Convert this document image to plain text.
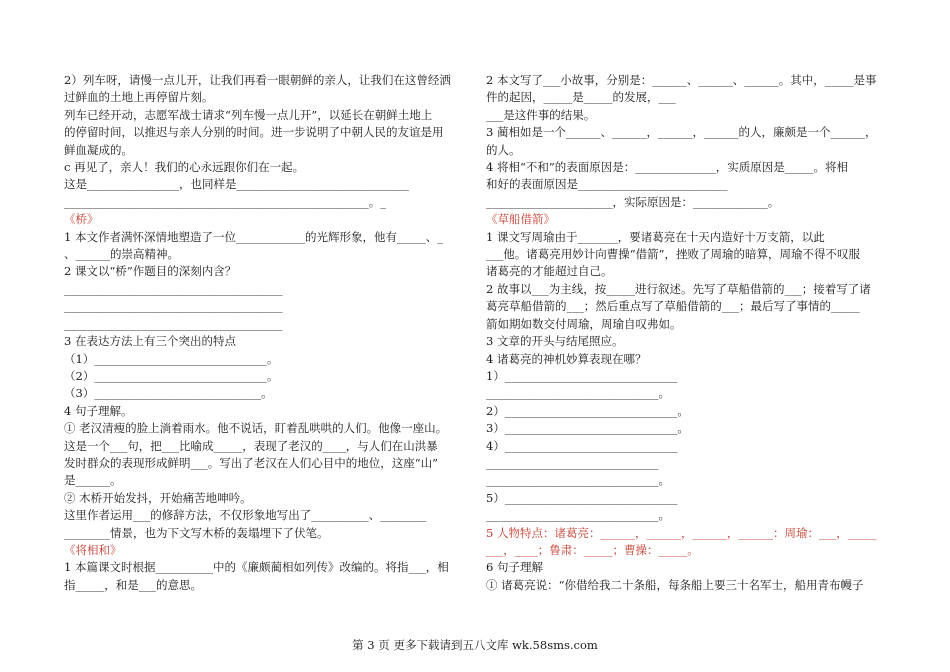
2）列车呀，请慢一点儿开，让我们再看一眼朝鲜的亲人，让我们在这曾经洒
过鲜血的土地上再停留片刻。
列车已经开动，志愿军战士请求“列车慢一点儿开”，以延长在朝鲜土地上
的停留时间，以推迟与亲人分别的时间。进一步说明了中朝人民的友谊是用
鲜血凝成的。
c 再见了，亲人！我们的心永远跟你们在一起。
这是________________，也同样是______________________________
_____________________________________________________。_
《桥》
1 本文作者满怀深情地塑造了一位____________的光辉形象，他有_____、_
、______的崇高精神。
2 课文以“桥”作题目的深刻内含？
______________________________________
______________________________________
______________________________________
3 在表达方法上有三个突出的特点
（1）______________________________。
（2）______________________________。
（3）_____________________________。
4 句子理解。
① 老汉清瘦的脸上淌着雨水。他不说话，盯着乱哄哄的人们。他像一座山。
这是一个___句，把___比喻成_____，表现了老汉的____，与人们在山洪暴
发时群众的表现形成鲜明___。写出了老汉在人们心目中的地位，这座“山”
是______。
② 木桥开始发抖，开始痛苦地呻吟。
这里作者运用___的修辞方法，不仅形象地写出了__________、________
________情景，也为下文写木桥的轰塌埋下了伏笔。
《将相和》
1 本篇课文时根据__________中的《廉颇蔺相如列传》改编的。将指___，相
指_____，和是___的意思。
2 本文写了___小故事，分别是：______、______、______。其中，_____是事
件的起因，_____是_____的发展，___
___是这件事的结果。
3 蔺相如是一个______、______，______，______的人，廉颇是一个______，
的人。
4 将相“不和”的表面原因是：______________，实质原因是_____。将相
和好的表面原因是__________________________
______________________，实际原因是：_____________。
《草船借箭》
1 课文写周瑜由于_______，要诸葛亮在十天内造好十万支箭，以此
___他。诸葛亮用妙计向曹操“借箭”，挫败了周瑜的暗算，周瑜不得不叹服
诸葛亮的才能超过自己。
2 故事以___为主线，按_____进行叙述。先写了草船借箭的___；接着写了诸
葛亮草船借箭的___；然后重点写了草船借箭的___；最后写了事情的_____
箭如期如数交付周瑜，周瑜自叹弗如。
3 文章的开头与结尾照应。
4 诸葛亮的神机妙算表现在哪？
1）______________________________
______________________________。
2）______________________________。
3）______________________________。
4）______________________________
______________________________
______________________________。
5）______________________________
______________________________。
5 人物特点：诸葛亮：______，______，______，______：周瑜：___，_____
___，____；鲁肃：_____；曹操：_____。
6 句子理解
① 诸葛亮说：“你借给我二十条船，每条船上要三十名军士，船用青布幔子
第 3 页 更多下载请到五八文库 wk.58sms.com
